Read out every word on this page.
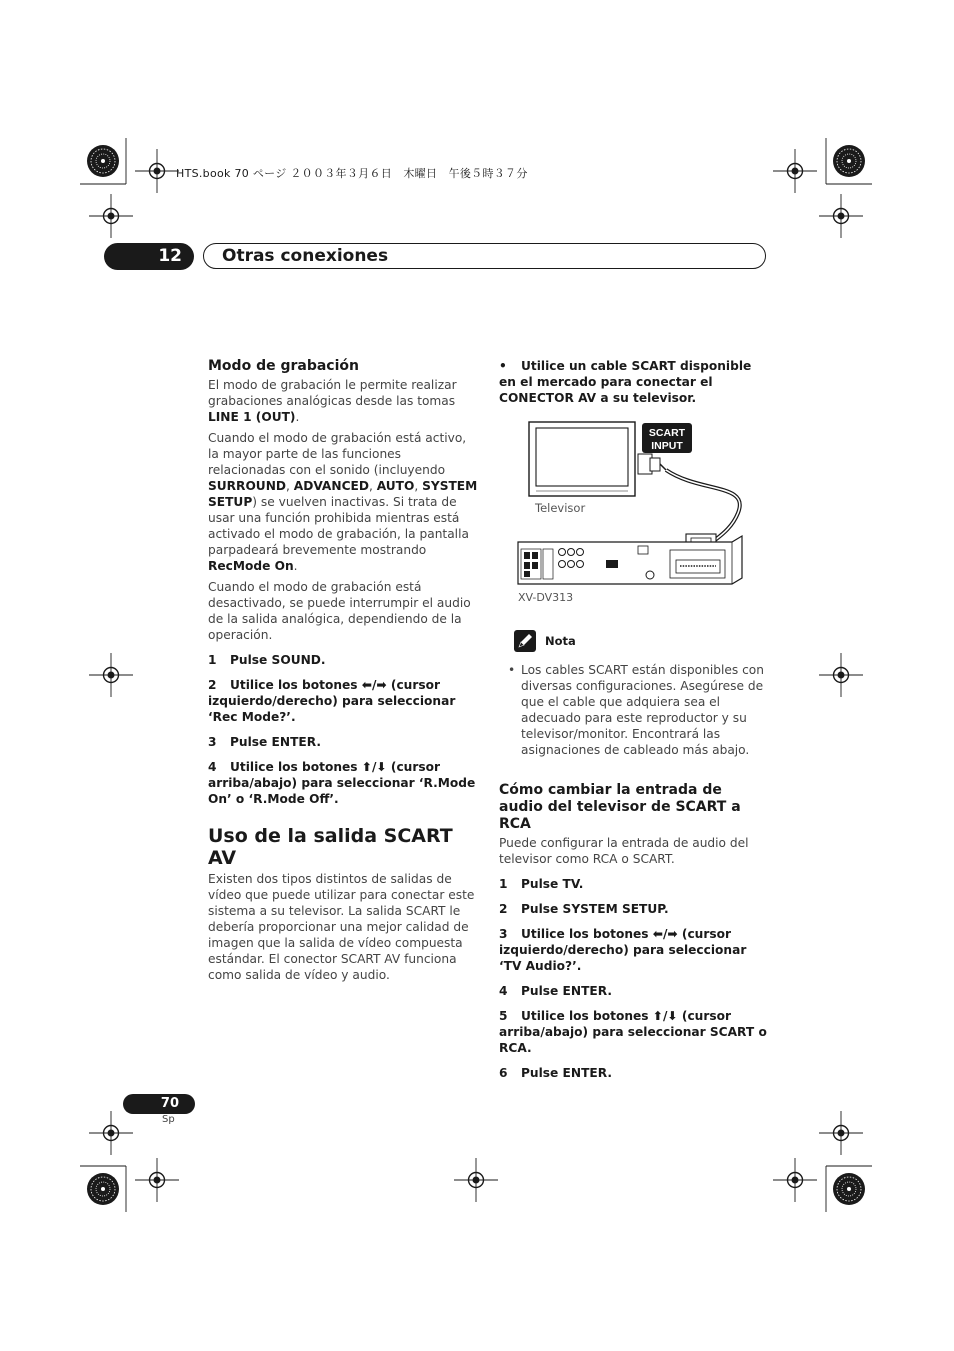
HTS.book 70 ページ ２００３年３月６日　木曜日　午後５時３７分
12	Otras conexiones
Modo de grabación

El modo de grabación le permite realizar grabaciones analógicas desde las tomas LINE 1 (OUT).

Cuando el modo de grabación está activo, la mayor parte de las funciones relacionadas con el sonido (incluyendo SURROUND, ADVANCED, AUTO, SYSTEM SETUP) se vuelven inactivas. Si trata de usar una función prohibida mientras está activado el modo de grabación, la pantalla parpadeará brevemente mostrando RecMode On.

Cuando el modo de grabación está desactivado, se puede interrumpir el audio de la salida analógica, dependiendo de la operación.

1 Pulse SOUND.
2 Utilice los botones ⬅/➡ (cursor izquierdo/derecho) para seleccionar ‘Rec Mode?’.
3 Pulse ENTER.
4 Utilice los botones ⬆/⬇ (cursor arriba/abajo) para seleccionar ‘R.Mode On’ o ‘R.Mode Off’.
Uso de la salida SCART AV

Existen dos tipos distintos de salidas de vídeo que puede utilizar para conectar este sistema a su televisor. La salida SCART le debería proporcionar una mejor calidad de imagen que la salida de vídeo compuesta estándar. El conector SCART AV funciona como salida de vídeo y audio.

• Utilice un cable SCART disponible en el mercado para conectar el CONECTOR AV a su televisor.
SCART
INPUT
Televisor
XV-DV313
Nota
• Los cables SCART están disponibles con diversas configuraciones. Asegúrese de que el cable que adquiera sea el adecuado para este reproductor y su televisor/monitor. Encontrará las asignaciones de cableado más abajo.
Cómo cambiar la entrada de audio del televisor de SCART a RCA

Puede configurar la entrada de audio del televisor como RCA o SCART.

1 Pulse TV.
2 Pulse SYSTEM SETUP.
3 Utilice los botones ⬅/➡ (cursor izquierdo/derecho) para seleccionar ‘TV Audio?’.
4 Pulse ENTER.
5 Utilice los botones ⬆/⬇ (cursor arriba/abajo) para seleccionar SCART o RCA.
6 Pulse ENTER.
70
Sp
